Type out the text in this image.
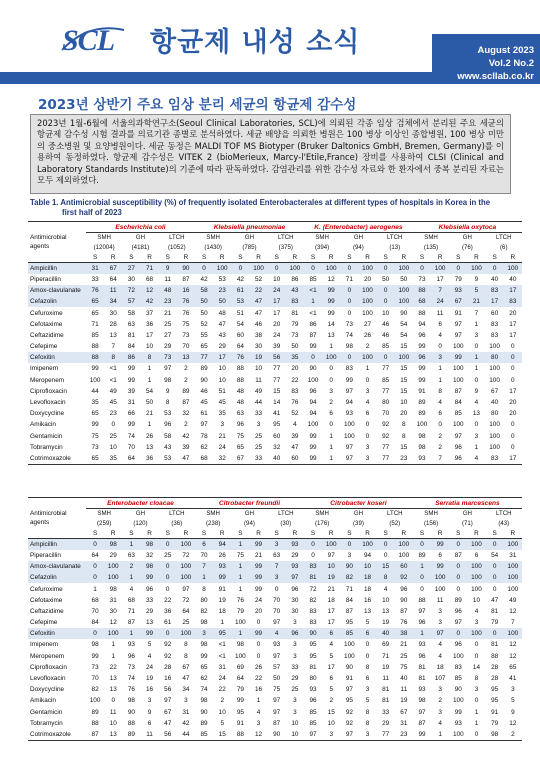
SCL 항균제 내성 소식	August 2023
Vol.2 No.2
www.scllab.co.kr
2023년 상반기 주요 임상 분리 세균의 항균제 감수성
2023년 1월-6월에 서울의과학연구소(Seoul Clinical Laboratories, SCL)에 의뢰된 각종 임상 검체에서 분리된 주요 세균의 항균제 감수성 시험 결과를 의료기관 종별로 분석하였다. 세균 배양을 의뢰한 병원은 100 병상 이상인 종합병원, 100 병상 미만의 중소병원 및 요양병원이다. 세균 동정은 MALDI TOF MS Biotyper (Bruker Daltonics GmbH, Bremen, Germany)를 이용하여 동정하였다. 항균제 감수성은 VITEK 2 (bioMerieux, Marcy-l'Etile,France) 장비를 사용하여 CLSI (Clinical and Laboratory Standards Institute)의 기준에 따라 판독하였다. 감염관리를 위한 감수성 자료와 한 환자에서 중복 분리된 자료는 모두 제외하였다.
Table 1. Antimicrobial susceptibility (%) of frequently isolated Enterobacterales at different types of hospitals in Korea in the
first half of 2023
Antimicrobial
agents	Escherichia coli						Klebsiella pneumoniae						K. (Enterobacter) aerogenes						Klebsiella oxytoca					
	SMH		GH		LTCH		SMH		GH		LTCH		SMH		GH		LTCH		SMH		GH		LTCH	
	(12004)		(4181)		(1052)		(1430)		(785)		(375)		(394)		(94)		(13)		(135)		(76)		(6)	
	S	R	S	R	S	R	S	R	S	R	S	R	S	R	S	R	S	R	S	R	S	R	S	R
Ampicillin	31	67	27	71	9	90	0	100	0	100	0	100	0	100	0	100	0	100	0	100	0	100	0	100
Piperacillin	33	64	30	68	11	87	42	53	42	52	10	86	85	12	71	20	50	50	73	17	79	9	40	40
Amox-clavulanate	76	11	72	12	48	16	58	23	61	22	24	43	<1	99	0	100	0	100	88	7	93	5	83	17
Cefazolin	65	34	57	42	23	76	50	50	53	47	17	83	1	99	0	100	0	100	68	24	67	21	17	83
Cefuroxime	65	30	58	37	21	76	50	48	51	47	17	81	<1	99	0	100	10	90	88	11	91	7	60	20
Cefotaxime	71	28	63	36	25	75	52	47	54	46	20	79	86	14	73	27	46	54	94	6	97	1	83	17
Ceftazidime	85	13	81	17	27	73	55	43	60	38	24	73	87	13	74	26	46	54	96	4	97	3	83	17
Cefepime	88	7	84	10	29	70	65	29	64	30	39	50	99	1	98	2	85	15	99	0	100	0	100	0
Cefoxitin	88	8	86	8	73	13	77	17	76	19	56	35	0	100	0	100	0	100	96	3	99	1	80	0
Imipenem	99	<1	99	1	97	2	89	10	88	10	77	20	90	0	83	1	77	15	99	1	100	1	100	0
Meropenem	100	<1	99	1	98	2	90	10	88	11	77	22	100	0	99	0	85	15	99	1	100	0	100	0
Ciprofloxacin	44	49	39	54	9	89	46	51	48	49	15	83	96	3	97	3	77	15	91	8	87	9	67	17
Levofloxacin	35	45	31	50	8	87	45	45	48	44	14	76	94	2	94	4	80	10	89	4	84	4	40	20
Doxycycline	65	23	66	21	53	32	61	35	63	33	41	52	94	6	93	6	70	20	89	6	85	13	80	20
Amikacin	99	0	99	1	96	2	97	3	96	3	95	4	100	0	100	0	92	8	100	0	100	0	100	0
Gentamicin	75	25	74	26	58	42	78	21	75	25	60	39	99	1	100	0	92	8	98	2	97	3	100	0
Tobramycin	73	10	70	13	43	39	62	24	65	25	32	47	99	1	97	3	77	15	98	2	96	1	100	0
Cotrimoxazole	65	35	64	36	53	47	68	32	67	33	40	60	99	1	97	3	77	23	93	7	96	4	83	17
Antimicrobial
agents	Enterobacter cloacae						Citrobacter freundii						Citrobacter koseri						Serratia marcescens					
	SMH		GH		LTCH		SMH		GH		LTCH		SMH		GH		LTCH		SMH		GH		LTCH	
	(259)		(120)		(36)		(238)		(94)		(30)		(176)		(39)		(52)		(156)		(71)		(43)	
	S	R	S	R	S	R	S	R	S	R	S	R	S	R	S	R	S	R	S	R	S	R	S	R
Ampicillin	0	98	1	98	0	100	6	94	1	99	3	93	0	100	0	100	0	100	0	99	0	100	0	100
Piperacillin	64	29	63	32	25	72	70	26	75	21	63	29	0	97	3	94	0	100	89	6	87	6	54	31
Amox-clavulanate	0	100	2	98	0	100	7	93	1	99	7	93	83	10	90	10	15	60	1	99	0	100	0	100
Cefazolin	0	100	1	99	0	100	1	99	1	99	3	97	81	19	82	18	8	92	0	100	0	100	0	100
Cefuroxime	1	98	4	96	0	97	8	91	1	99	0	96	72	21	71	18	4	96	0	100	0	100	0	100
Cefotaxime	68	31	68	33	22	72	80	19	76	24	70	30	82	18	84	16	10	90	88	11	89	10	47	49
Ceftazidime	70	30	71	29	36	64	82	18	79	20	70	30	83	17	87	13	13	87	97	3	96	4	81	12
Cefepime	84	12	87	13	61	25	98	1	100	0	97	3	83	17	95	5	19	76	96	3	97	3	79	7
Cefoxitin	0	100	1	99	0	100	3	95	1	99	4	96	90	6	85	6	40	38	1	97	0	100	0	100
Imipenem	98	1	93	5	92	8	98	<1	98	0	93	3	95	4	100	0	69	21	93	4	96	0	81	12
Meropenem	99	1	96	4	92	8	99	<1	100	0	97	3	95	5	100	0	71	25	96	4	100	0	88	12
Ciprofloxacin	73	22	73	24	28	67	65	31	69	26	57	33	81	17	90	8	19	75	81	18	83	14	28	65
Levofloxacin	70	13	74	19	16	47	62	24	64	22	50	29	80	6	91	6	11	40	81	107	85	8	28	41
Doxycycline	82	13	76	16	56	34	74	22	79	16	75	25	93	5	97	3	81	11	93	3	90	3	95	3
Amikacin	100	0	98	3	97	3	98	2	99	1	97	3	96	2	95	5	81	19	98	2	100	0	95	5
Gentamicin	89	11	90	9	67	31	90	10	95	4	97	3	85	15	92	8	33	67	97	3	99	1	91	9
Tobramycin	88	10	88	6	47	42	89	5	91	3	87	10	85	10	92	8	29	31	87	4	93	1	79	12
Cotrimoxazole	87	13	89	11	56	44	85	15	88	12	90	10	97	3	97	3	77	23	99	1	100	0	98	2
